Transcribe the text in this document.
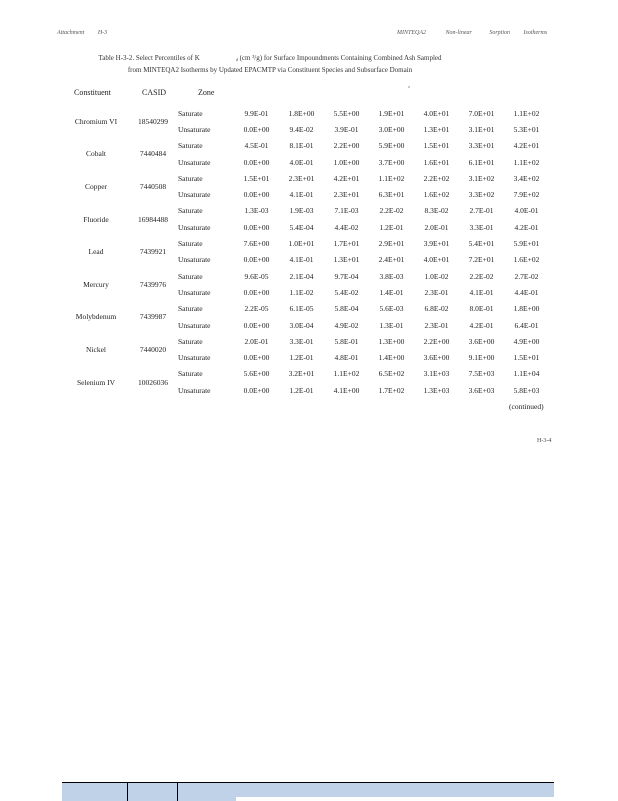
Attachment H-3	MINTEQA2	Non-linear	Sorption Isotherms
Table H-3-2. Select Percentiles of K	$_d$ (cm ³/g) for Surface Impoundments Containing Combined Ash Sampled
from MINTEQA2 Isotherms by Updated EPACMTP via Constituent Species and Subsurface Domain
a
Constituent	CASID	Zone
Chromium VI	18540299	Saturate	9.9E-01	1.8E+00	5.5E+00	1.9E+01	4.0E+01	7.0E+01	1.1E+02
		Unsaturate	0.0E+00	9.4E-02	3.9E-01	3.0E+00	1.3E+01	3.1E+01	5.3E+01
Cobalt	7440484	Saturate	4.5E-01	8.1E-01	2.2E+00	5.9E+00	1.5E+01	3.3E+01	4.2E+01
		Unsaturate	0.0E+00	4.0E-01	1.0E+00	3.7E+00	1.6E+01	6.1E+01	1.1E+02
Copper	7440508	Saturate	1.5E+01	2.3E+01	4.2E+01	1.1E+02	2.2E+02	3.1E+02	3.4E+02
		Unsaturate	0.0E+00	4.1E-01	2.3E+01	6.3E+01	1.6E+02	3.3E+02	7.9E+02
Fluoride	16984488	Saturate	1.3E-03	1.9E-03	7.1E-03	2.2E-02	8.3E-02	2.7E-01	4.0E-01
		Unsaturate	0.0E+00	5.4E-04	4.4E-02	1.2E-01	2.0E-01	3.3E-01	4.2E-01
Lead	7439921	Saturate	7.6E+00	1.0E+01	1.7E+01	2.9E+01	3.9E+01	5.4E+01	5.9E+01
		Unsaturate	0.0E+00	4.1E-01	1.3E+01	2.4E+01	4.0E+01	7.2E+01	1.6E+02
Mercury	7439976	Saturate	9.6E-05	2.1E-04	9.7E-04	3.8E-03	1.0E-02	2.2E-02	2.7E-02
		Unsaturate	0.0E+00	1.1E-02	5.4E-02	1.4E-01	2.3E-01	4.1E-01	4.4E-01
Molybdenum	7439987	Saturate	2.2E-05	6.1E-05	5.8E-04	5.6E-03	6.8E-02	8.0E-01	1.8E+00
		Unsaturate	0.0E+00	3.0E-04	4.9E-02	1.3E-01	2.3E-01	4.2E-01	6.4E-01
Nickel	7440020	Saturate	2.0E-01	3.3E-01	5.8E-01	1.3E+00	2.2E+00	3.6E+00	4.9E+00
		Unsaturate	0.0E+00	1.2E-01	4.8E-01	1.4E+00	3.6E+00	9.1E+00	1.5E+01
Selenium IV	10026036	Saturate	5.6E+00	3.2E+01	1.1E+02	6.5E+02	3.1E+03	7.5E+03	1.1E+04
		Unsaturate	0.0E+00	1.2E-01	4.1E+00	1.7E+02	1.3E+03	3.6E+03	5.8E+03
(continued)
H-3-4
